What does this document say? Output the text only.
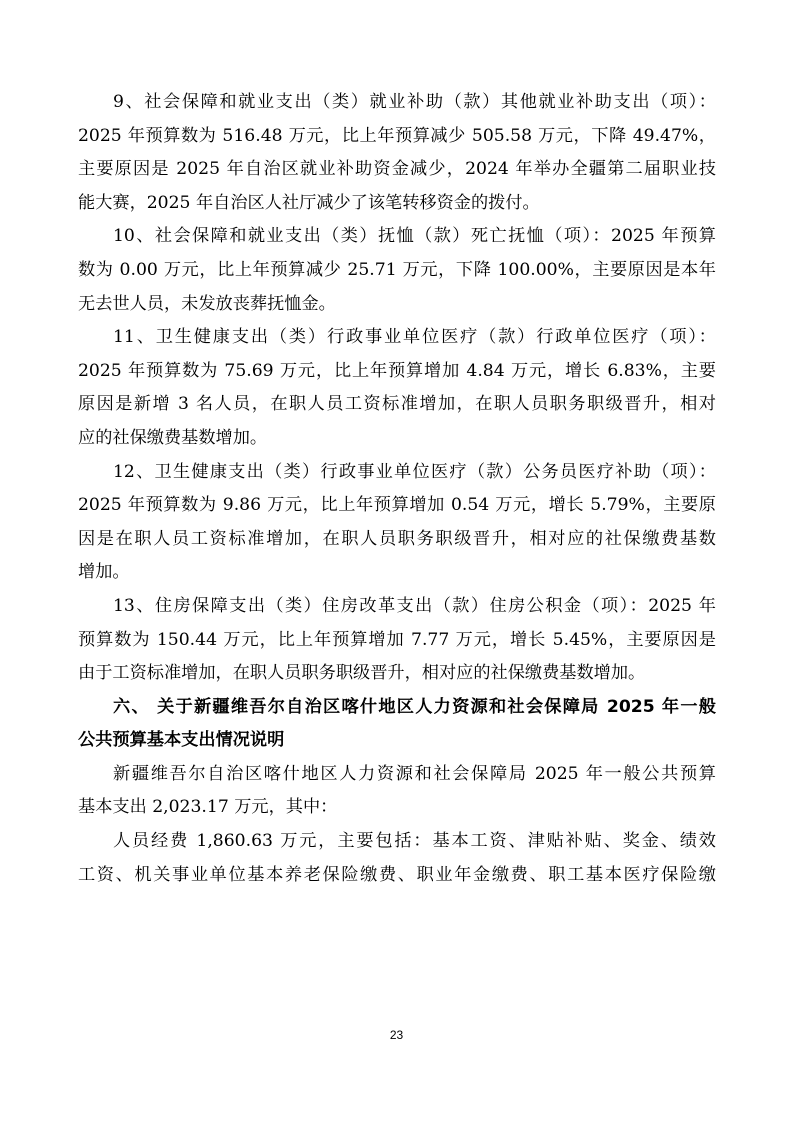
9、社会保障和就业支出（类）就业补助（款）其他就业补助支出（项）：
2025 年预算数为 516.48 万元，比上年预算减少 505.58 万元，下降 49.47%，
主要原因是 2025 年自治区就业补助资金减少，2024 年举办全疆第二届职业技
能大赛，2025 年自治区人社厅减少了该笔转移资金的拨付。

10、社会保障和就业支出（类）抚恤（款）死亡抚恤（项）：2025 年预算
数为 0.00 万元，比上年预算减少 25.71 万元，下降 100.00%，主要原因是本年
无去世人员，未发放丧葬抚恤金。

11、卫生健康支出（类）行政事业单位医疗（款）行政单位医疗（项）：
2025 年预算数为 75.69 万元，比上年预算增加 4.84 万元，增长 6.83%，主要
原因是新增 3 名人员，在职人员工资标准增加，在职人员职务职级晋升，相对
应的社保缴费基数增加。

12、卫生健康支出（类）行政事业单位医疗（款）公务员医疗补助（项）：
2025 年预算数为 9.86 万元，比上年预算增加 0.54 万元，增长 5.79%，主要原
因是在职人员工资标准增加，在职人员职务职级晋升，相对应的社保缴费基数
增加。

13、住房保障支出（类）住房改革支出（款）住房公积金（项）：2025 年
预算数为 150.44 万元，比上年预算增加 7.77 万元，增长 5.45%，主要原因是
由于工资标准增加，在职人员职务职级晋升，相对应的社保缴费基数增加。

六、 关于新疆维吾尔自治区喀什地区人力资源和社会保障局 2025 年一般
公共预算基本支出情况说明

新疆维吾尔自治区喀什地区人力资源和社会保障局 2025 年一般公共预算
基本支出 2,023.17 万元，其中：

人员经费 1,860.63 万元，主要包括：基本工资、津贴补贴、奖金、绩效
工资、机关事业单位基本养老保险缴费、职业年金缴费、职工基本医疗保险缴

23
